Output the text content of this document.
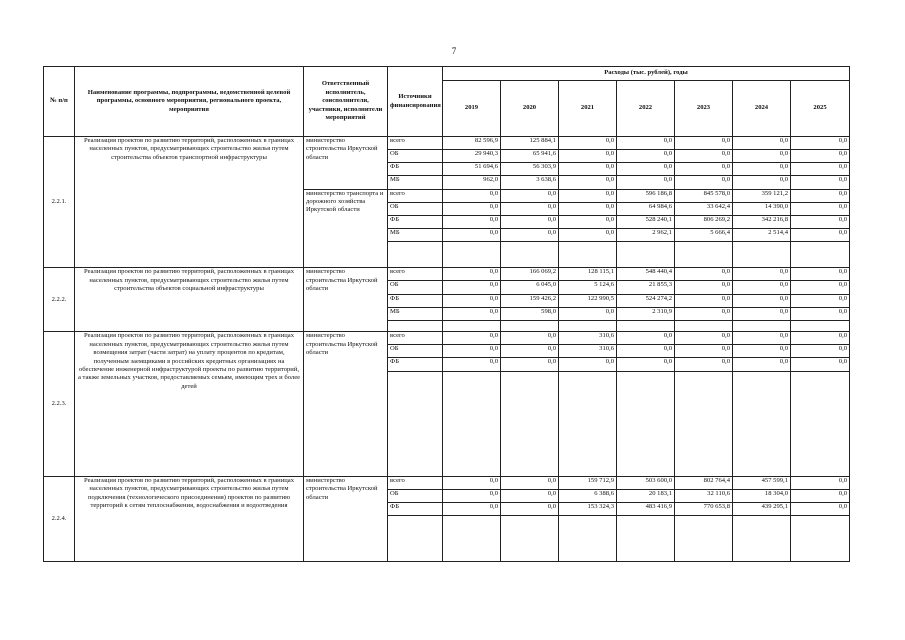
7
№ п/п	Наименование программы, подпрограммы, ведомственной целевой программы, основного мероприятия, регионального проекта, мероприятия	Ответственный исполнитель, соисполнители, участники, исполнители мероприятий	Источники финансирования	Расходы (тыс. рублей), годы						
				2019	2020	2021	2022	2023	2024	2025
2.2.1.	Реализация проектов по развитию территорий, расположенных в границах населенных пунктов, предусматривающих строительство жилья путем строительства объектов транспортной инфраструктуры	министерство строительства Иркутской области	всего	82 596,9	125 884,1	0,0	0,0	0,0	0,0	0,0
			ОБ	29 940,3	65 941,6	0,0	0,0	0,0	0,0	0,0
			ФБ	51 694,6	56 303,9	0,0	0,0	0,0	0,0	0,0
			МБ	962,0	3 638,6	0,0	0,0	0,0	0,0	0,0
		министерство транспорта и дорожного хозяйства Иркутской области	всего	0,0	0,0	0,0	596 186,8	845 578,0	359 121,2	0,0
			ОБ	0,0	0,0	0,0	64 984,6	33 642,4	14 390,0	0,0
			ФБ	0,0	0,0	0,0	528 240,1	806 269,2	342 216,8	0,0
			МБ	0,0	0,0	0,0	2 962,1	5 666,4	2 514,4	0,0

2.2.2.	Реализация проектов по развитию территорий, расположенных в границах населенных пунктов, предусматривающих строительство жилья путем строительства объектов социальной инфраструктуры	министерство строительства Иркутской области	всего	0,0	166 069,2	128 115,1	548 440,4	0,0	0,0	0,0
			ОБ	0,0	6 045,0	5 124,6	21 855,3	0,0	0,0	0,0
			ФБ	0,0	159 426,2	122 990,5	524 274,2	0,0	0,0	0,0
			МБ	0,0	598,0	0,0	2 310,9	0,0	0,0	0,0

2.2.3.	Реализация проектов по развитию территорий, расположенных в границах населенных пунктов, предусматривающих строительство жилья путем возмещения затрат (части затрат) на уплату процентов по кредитам, полученным заемщиками в российских кредитных организациях на обеспечение инженерной инфраструктурой проекты по развитию территорий, а также земельных участков, предоставляемых семьям, имеющим трех и более детей	министерство строительства Иркутской области	всего	0,0	0,0	310,6	0,0	0,0	0,0	0,0
			ОБ	0,0	0,0	310,6	0,0	0,0	0,0	0,0
			ФБ	0,0	0,0	0,0	0,0	0,0	0,0	0,0

2.2.4.	Реализация проектов по развитию территорий, расположенных в границах населенных пунктов, предусматривающих строительство жилья путем подключения (технологического присоединения) проектов по развитию территорий к сетям теплоснабжения, водоснабжения и водоотведения	министерство строительства Иркутской области	всего	0,0	0,0	159 712,9	503 600,0	802 764,4	457 599,1	0,0
			ОБ	0,0	0,0	6 388,6	20 183,1	32 110,6	18 304,0	0,0
			ФБ	0,0	0,0	153 324,3	483 416,9	770 653,8	439 295,1	0,0
